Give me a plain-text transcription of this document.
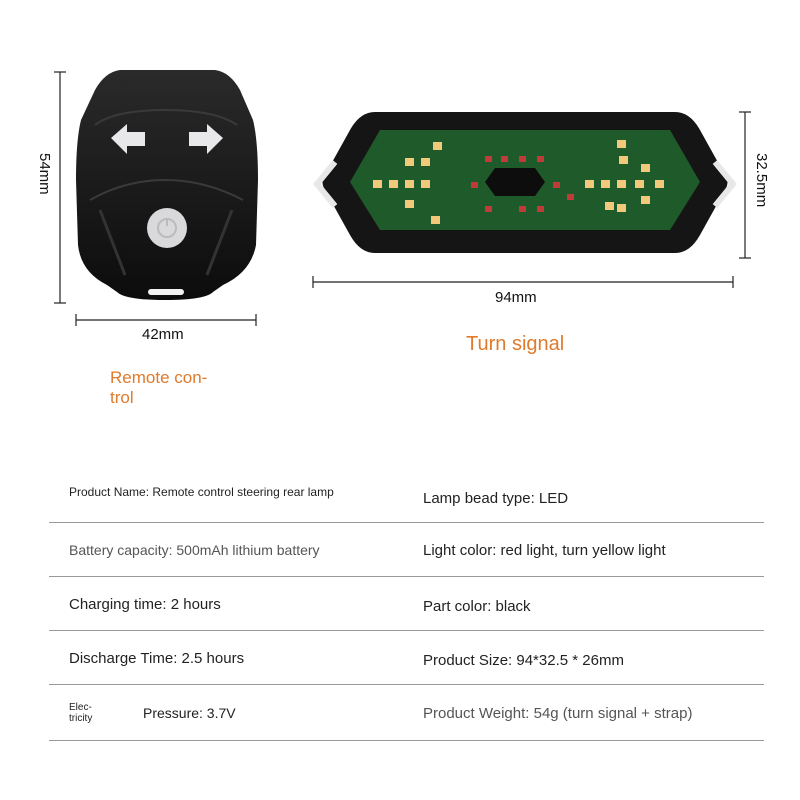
54mm
42mm
Remote con-
trol
32.5mm
94mm
Turn signal
Product Name: Remote control steering rear lamp	Lamp bead type: LED
Battery capacity: 500mAh lithium battery	Light color: red light, turn yellow light
Charging time: 2 hours	Part color: black
Discharge Time: 2.5 hours	Product Size: 94*32.5 * 26mm
Elec-
tricity	Pressure: 3.7V	Product Weight: 54g (turn signal + strap)
